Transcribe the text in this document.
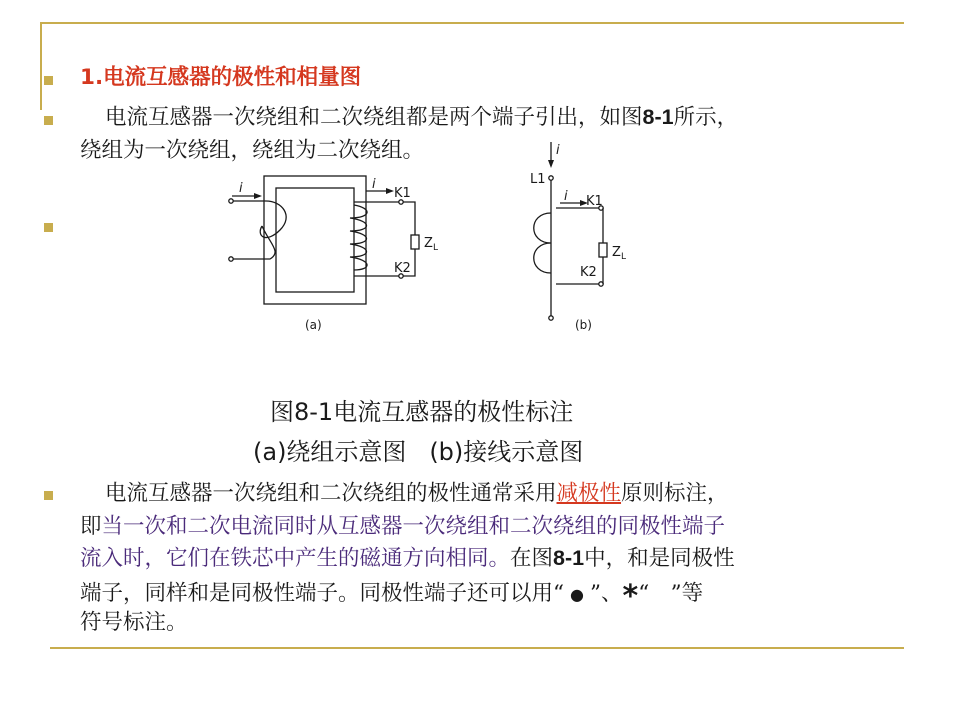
1.电流互感器的极性和相量图
电流互感器一次绕组和二次绕组都是两个端子引出，如图8-1所示，
绕组为一次绕组，绕组为二次绕组。
i	i
K1
K2
Z L
(a)
i
L1
i K1
K2
Z L
(b)
图8-1电流互感器的极性标注
(a)绕组示意图   (b)接线示意图
电流互感器一次绕组和二次绕组的极性通常采用减极性原则标注，
即当一次和二次电流同时从互感器一次绕组和二次绕组的同极性端子
流入时，它们在铁芯中产生的磁通方向相同。在图8-1中，和是同极性
端子，同样和是同极性端子。同极性端子还可以用“ ● ”、*“　”等
符号标注。
